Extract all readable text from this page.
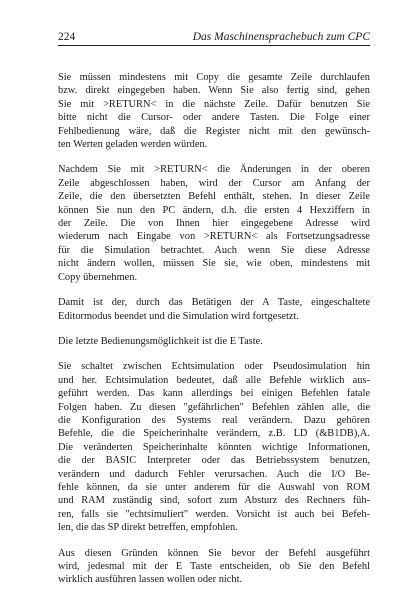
224	Das Maschinensprachebuch zum CPC

Sie müssen mindestens mit Copy die gesamte Zeile durchlaufen
bzw. direkt eingegeben haben. Wenn Sie also fertig sind, gehen
Sie mit >RETURN< in die nächste Zeile. Dafür benutzen Sie
bitte nicht die Cursor- oder andere Tasten. Die Folge einer
Fehlbedienung wäre, daß die Register nicht mit den gewünsch-
ten Werten geladen werden würden.

Nachdem Sie mit >RETURN< die Änderungen in der oberen
Zeile abgeschlossen haben, wird der Cursor am Anfang der
Zeile, die den übersetzten Befehl enthält, stehen. In dieser Zeile
können Sie nun den PC ändern, d.h. die ersten 4 Hexziffern in
der Zeile. Die von Ihnen hier eingegebene Adresse wird
wiederum nach Eingabe von >RETURN< als Fortsetzungsadresse
für die Simulation betrachtet. Auch wenn Sie diese Adresse
nicht ändern wollen, müssen Sie sie, wie oben, mindestens mit
Copy übernehmen.

Damit ist der, durch das Betätigen der A Taste, eingeschaltete
Editormodus beendet und die Simulation wird fortgesetzt.

Die letzte Bedienungsmöglichkeit ist die E Taste.

Sie schaltet zwischen Echtsimulation oder Pseudosimulation hin
und her. Echtsimulation bedeutet, daß alle Befehle wirklich aus-
geführt werden. Das kann allerdings bei einigen Befehlen fatale
Folgen haben. Zu diesen "gefährlichen" Befehlen zählen alle, die
die Konfiguration des Systems real verändern. Dazu gehören
Befehle, die die Speicherinhalte verändern, z.B. LD (&B1DB),A.
Die veränderten Speicherinhalte könnten wichtige Informationen,
die der BASIC Interpreter oder das Betriebssystem benutzen,
verändern und dadurch Fehler verursachen. Auch die I/O Be-
fehle können, da sie unter anderem für die Auswahl von ROM
und RAM zuständig sind, sofort zum Absturz des Rechners füh-
ren, falls sie "echtsimuliert" werden. Vorsicht ist auch bei Befeh-
len, die das SP direkt betreffen, empfohlen.

Aus diesen Gründen können Sie bevor der Befehl ausgeführt
wird, jedesmal mit der E Taste entscheiden, ob Sie den Befehl
wirklich ausführen lassen wollen oder nicht.
